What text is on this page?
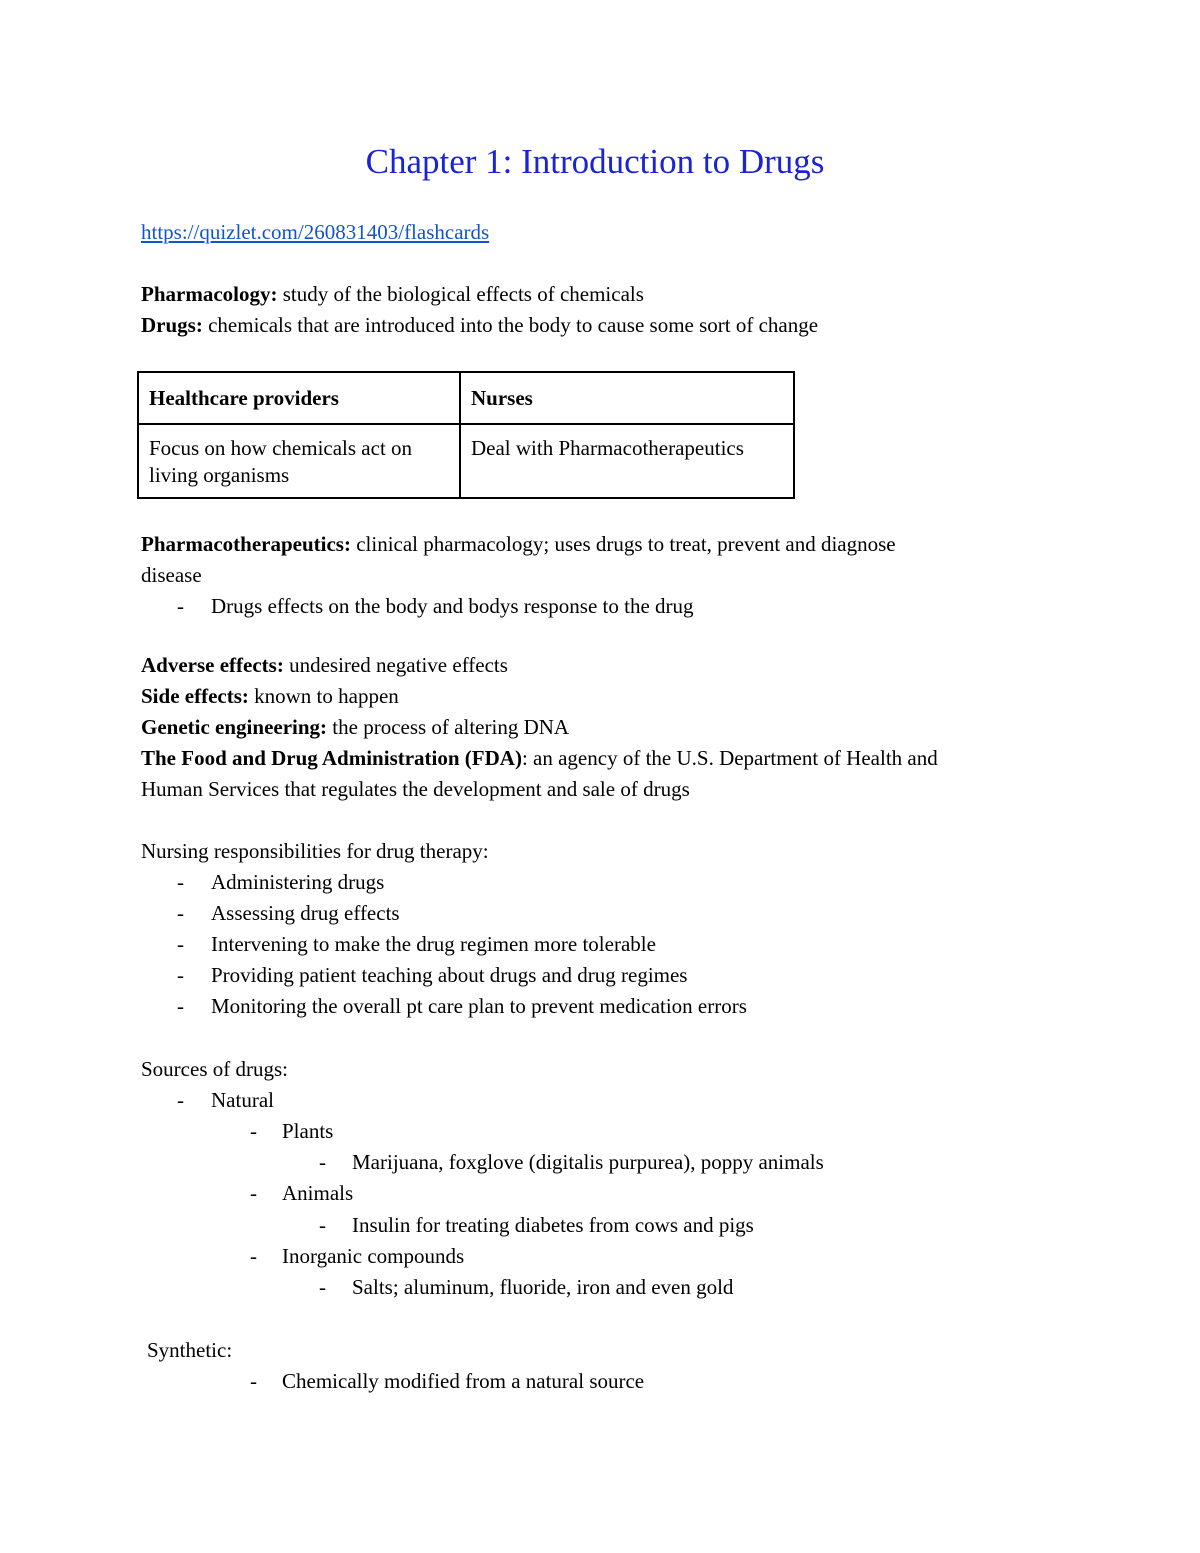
Chapter 1: Introduction to Drugs
https://quizlet.com/260831403/flashcards
Pharmacology: study of the biological effects of chemicals
Drugs: chemicals that are introduced into the body to cause some sort of change
Healthcare providers	Nurses
Focus on how chemicals act on living organisms	Deal with Pharmacotherapeutics
Pharmacotherapeutics: clinical pharmacology; uses drugs to treat, prevent and diagnose
disease
- Drugs effects on the body and bodys response to the drug
Adverse effects: undesired negative effects
Side effects: known to happen
Genetic engineering: the process of altering DNA
The Food and Drug Administration (FDA): an agency of the U.S. Department of Health and
Human Services that regulates the development and sale of drugs
Nursing responsibilities for drug therapy:
- Administering drugs
- Assessing drug effects
- Intervening to make the drug regimen more tolerable
- Providing patient teaching about drugs and drug regimes
- Monitoring the overall pt care plan to prevent medication errors
Sources of drugs:
- Natural
- Plants
- Marijuana, foxglove (digitalis purpurea), poppy animals
- Animals
- Insulin for treating diabetes from cows and pigs
- Inorganic compounds
- Salts; aluminum, fluoride, iron and even gold
Synthetic:
- Chemically modified from a natural source
